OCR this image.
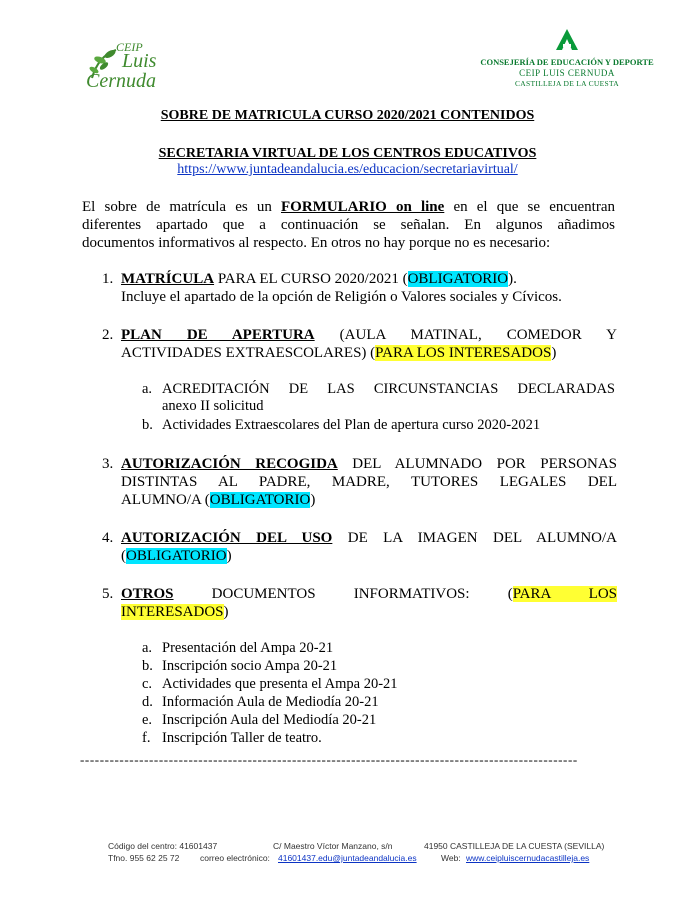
CEIP
Luis
Cernuda
CONSEJERÍA DE EDUCACIÓN Y DEPORTE
CEIP LUIS CERNUDA
CASTILLEJA DE LA CUESTA
SOBRE DE MATRICULA CURSO 2020/2021 CONTENIDOS
SECRETARIA VIRTUAL DE LOS CENTROS EDUCATIVOS
https://www.juntadeandalucia.es/educacion/secretariavirtual/
El sobre de matrícula es un FORMULARIO on line en el que se encuentran
diferentes apartado que a continuación se señalan. En algunos añadimos
documentos informativos al respecto. En otros no hay porque no es necesario:
1. MATRÍCULA PARA EL CURSO 2020/2021 (OBLIGATORIO).
Incluye el apartado de la opción de Religión o Valores sociales y Cívicos.
2. PLAN DE APERTURA (AULA MATINAL, COMEDOR Y
ACTIVIDADES EXTRAESCOLARES) (PARA LOS INTERESADOS)
a. ACREDITACIÓN DE LAS CIRCUNSTANCIAS DECLARADAS
anexo II solicitud
b. Actividades Extraescolares del Plan de apertura curso 2020-2021
3. AUTORIZACIÓN RECOGIDA DEL ALUMNADO POR PERSONAS
DISTINTAS AL PADRE, MADRE, TUTORES LEGALES DEL
ALUMNO/A (OBLIGATORIO)
4. AUTORIZACIÓN DEL USO DE LA IMAGEN DEL ALUMNO/A
(OBLIGATORIO)
5. OTROS DOCUMENTOS INFORMATIVOS: (PARA LOS
INTERESADOS)
a. Presentación del Ampa 20-21
b. Inscripción socio Ampa 20-21
c. Actividades que presenta el Ampa 20-21
d. Información Aula de Mediodía 20-21
e. Inscripción Aula del Mediodía 20-21
f. Inscripción Taller de teatro.
-----------------------------------------------------------------------------------------------------
Código del centro: 41601437	C/ Maestro Víctor Manzano, s/n	41950 CASTILLEJA DE LA CUESTA (SEVILLA)
Tfno. 955 62 25 72 correo electrónico: 41601437.edu@juntadeandalucia.es	Web: www.ceipluiscernudacastilleja.es
